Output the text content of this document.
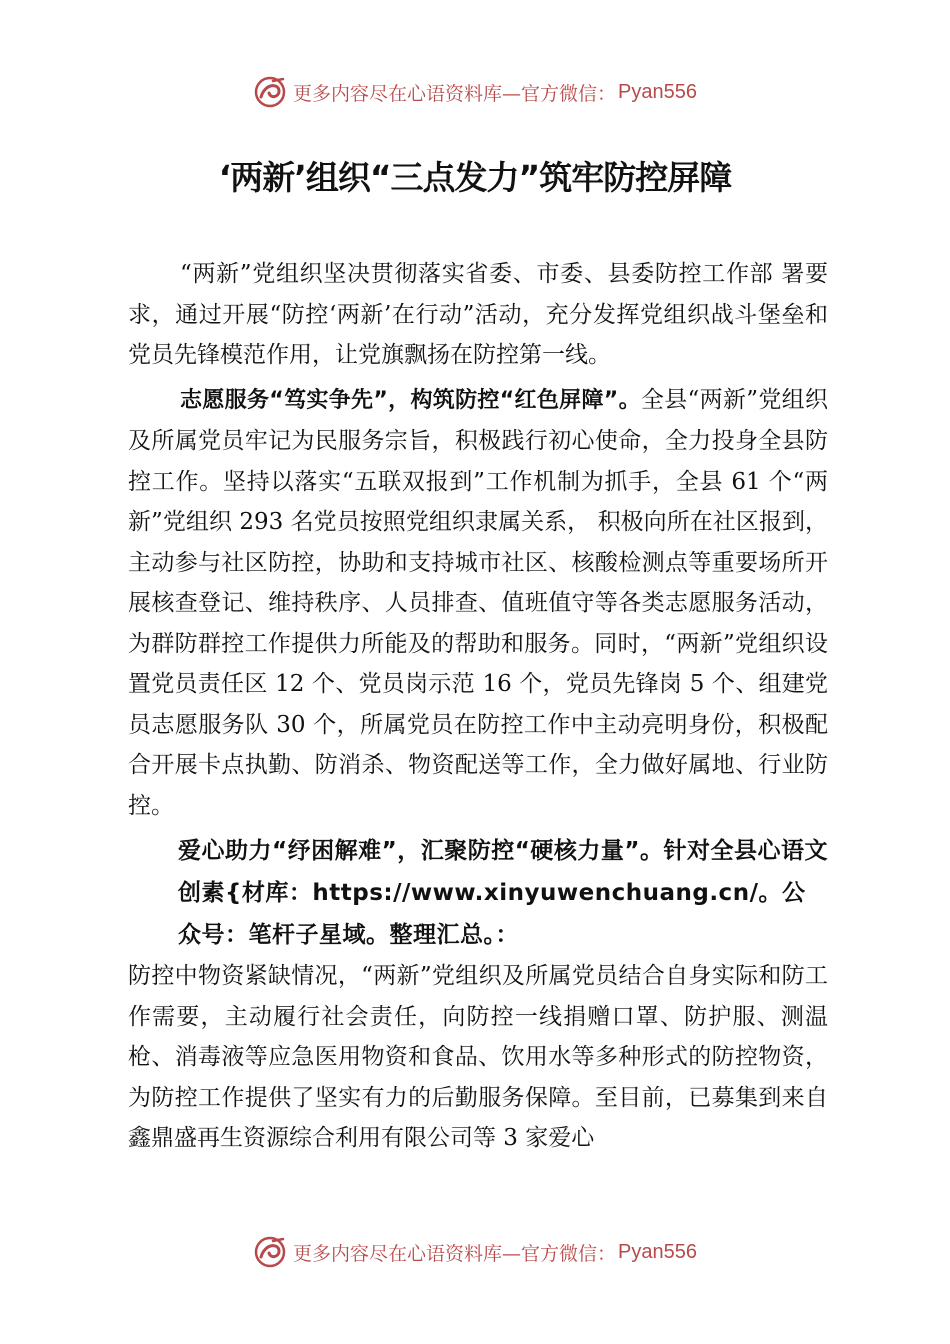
更多内容尽在心语资料库—官方微信： Pyan556
‘两新’组织“三点发力”筑牢防控屏障

“两新”党组织坚决贯彻落实省委、市委、县委防控工作部 署要求，通过开展“防控‘两新’在行动”活动，充分发挥党组织战斗堡垒和党员先锋模范作用，让党旗飘扬在防控第一线。

志愿服务“笃实争先”，构筑防控“红色屏障”。全县“两新”党组织及所属党员牢记为民服务宗旨，积极践行初心使命，全力投身全县防控工作。坚持以落实“五联双报到”工作机制为抓手，全县 61 个“两新”党组织 293 名党员按照党组织隶属关系， 积极向所在社区报到，主动参与社区防控，协助和支持城市社区、核酸检测点等重要场所开展核查登记、维持秩序、人员排查、值班值守等各类志愿服务活动，为群防群控工作提供力所能及的帮助和服务。同时，“两新”党组织设置党员责任区 12 个、党员岗示范 16 个，党员先锋岗 5 个、组建党员志愿服务队 30 个，所属党员在防控工作中主动亮明身份，积极配合开展卡点执勤、防消杀、物资配送等工作，全力做好属地、行业防控。

爱心助力“纾困解难”，汇聚防控“硬核力量”。针对全县心语文创素{材库：https://www.xinyuwenchuang.cn/。公众号：笔杆子星域。整理汇总。：

防控中物资紧缺情况，“两新”党组织及所属党员结合自身实际和防工作需要，主动履行社会责任，向防控一线捐赠口罩、防护服、测温枪、消毒液等应急医用物资和食品、饮用水等多种形式的防控物资，为防控工作提供了坚实有力的后勤服务保障。至目前，已募集到来自鑫鼎盛再生资源综合利用有限公司等 3 家爱心

更多内容尽在心语资料库—官方微信： Pyan556
